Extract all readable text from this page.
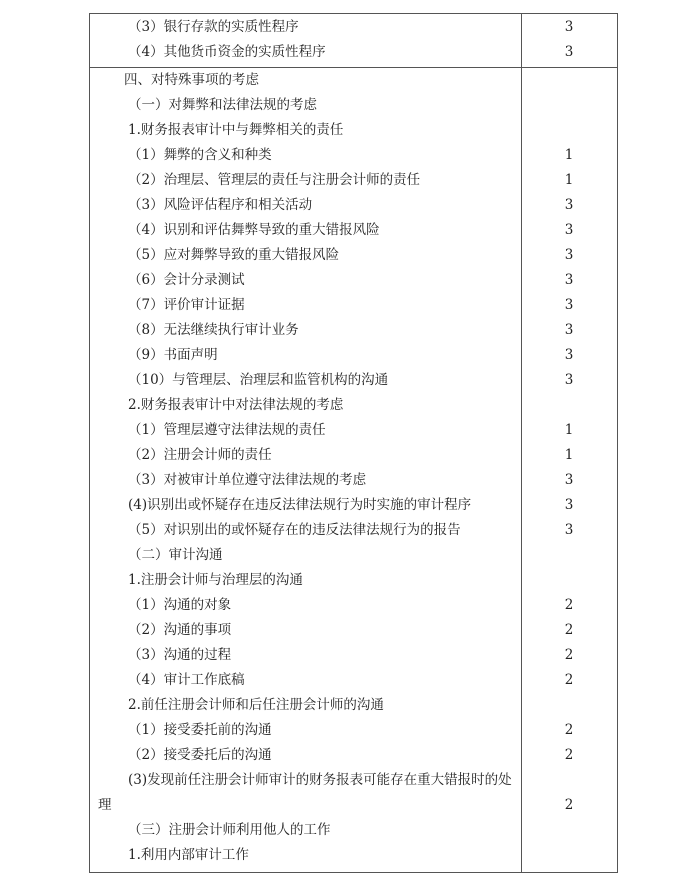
（3）银行存款的实质性程序	3
（4）其他货币资金的实质性程序	3
四、对特殊事项的考虑
（一）对舞弊和法律法规的考虑
1.财务报表审计中与舞弊相关的责任
（1）舞弊的含义和种类	1
（2）治理层、管理层的责任与注册会计师的责任	1
（3）风险评估程序和相关活动	3
（4）识别和评估舞弊导致的重大错报风险	3
（5）应对舞弊导致的重大错报风险	3
（6）会计分录测试	3
（7）评价审计证据	3
（8）无法继续执行审计业务	3
（9）书面声明	3
（10）与管理层、治理层和监管机构的沟通	3
2.财务报表审计中对法律法规的考虑
（1）管理层遵守法律法规的责任	1
（2）注册会计师的责任	1
（3）对被审计单位遵守法律法规的考虑	3
(4)识别出或怀疑存在违反法律法规行为时实施的审计程序	3
（5）对识别出的或怀疑存在的违反法律法规行为的报告	3
（二）审计沟通
1.注册会计师与治理层的沟通
（1）沟通的对象	2
（2）沟通的事项	2
（3）沟通的过程	2
（4）审计工作底稿	2
2.前任注册会计师和后任注册会计师的沟通
（1）接受委托前的沟通	2
（2）接受委托后的沟通	2
(3)发现前任注册会计师审计的财务报表可能存在重大错报时的处理	2
（三）注册会计师利用他人的工作
1.利用内部审计工作
